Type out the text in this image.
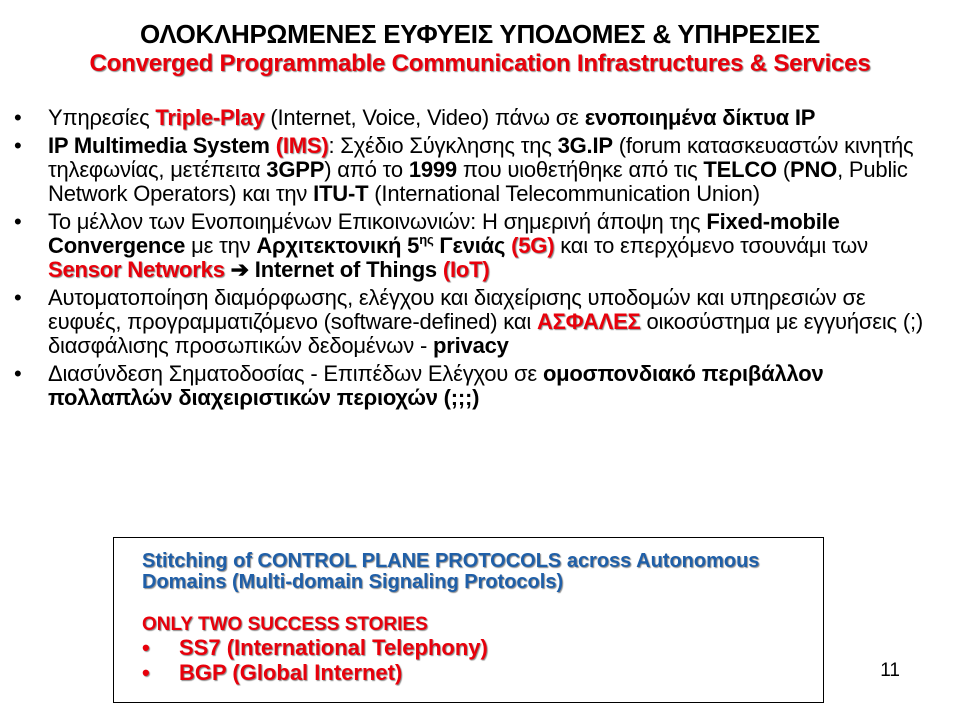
ΟΛΟΚΛΗΡΩΜΕΝΕΣ ΕΥΦΥΕΙΣ ΥΠΟΔΟΜΕΣ & ΥΠΗΡΕΣΙΕΣ
Converged Programmable Communication Infrastructures & Services
• Υπηρεσίες Triple-Play (Internet, Voice, Video) πάνω σε ενοποιημένα δίκτυα IP
• IP Multimedia System (IMS): Σχέδιο Σύγκλησης της 3G.IP (forum κατασκευαστών κινητής τηλεφωνίας, μετέπειτα 3GPP) από το 1999 που υιοθετήθηκε από τις TELCO (PNO, Public Network Operators) και την ITU-T (International Telecommunication Union)
• Το μέλλον των Ενοποιημένων Επικοινωνιών: Η σημερινή άποψη της Fixed-mobile Convergence με την Αρχιτεκτονική $5^{\eta\varsigma}$ Γενιάς (5G) και το επερχόμενο τσουνάμι των Sensor Networks ➔ Internet of Things (IoT)
• Αυτοματοποίηση διαμόρφωσης, ελέγχου και διαχείρισης υποδομών και υπηρεσιών σε ευφυές, προγραμματιζόμενο (software-defined) και ΑΣΦΑΛΕΣ οικοσύστημα με εγγυήσεις (;) διασφάλισης προσωπικών δεδομένων - privacy
• Διασύνδεση Σηματοδοσίας - Επιπέδων Ελέγχου σε ομοσπονδιακό περιβάλλον πολλαπλών διαχειριστικών περιοχών (;;;)
Stitching of CONTROL PLANE PROTOCOLS across Autonomous Domains (Multi-domain Signaling Protocols)
ONLY TWO SUCCESS STORIES
• SS7 (International Telephony)
• BGP (Global Internet)	11
